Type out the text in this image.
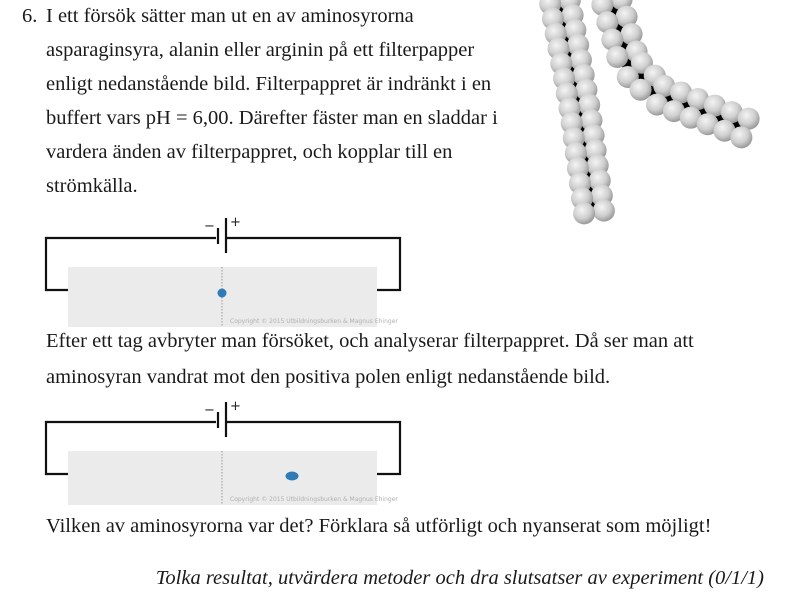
6. I ett försök sätter man ut en av aminosyrorna
asparaginsyra, alanin eller arginin på ett filterpapper
enligt nedanstående bild. Filterpappret är indränkt i en
buffert vars pH = 6,00. Därefter fäster man en sladdar i
vardera änden av filterpappret, och kopplar till en
strömkälla.
− +
Copyright © 2015 Utbildningsburken & Magnus Ehinger
− +
Copyright © 2015 Utbildningsburken & Magnus Ehinger
Efter ett tag avbryter man försöket, och analyserar filterpappret. Då ser man att
aminosyran vandrat mot den positiva polen enligt nedanstående bild.
Vilken av aminosyrorna var det? Förklara så utförligt och nyanserat som möjligt!
Tolka resultat, utvärdera metoder och dra slutsatser av experiment (0/1/1)
